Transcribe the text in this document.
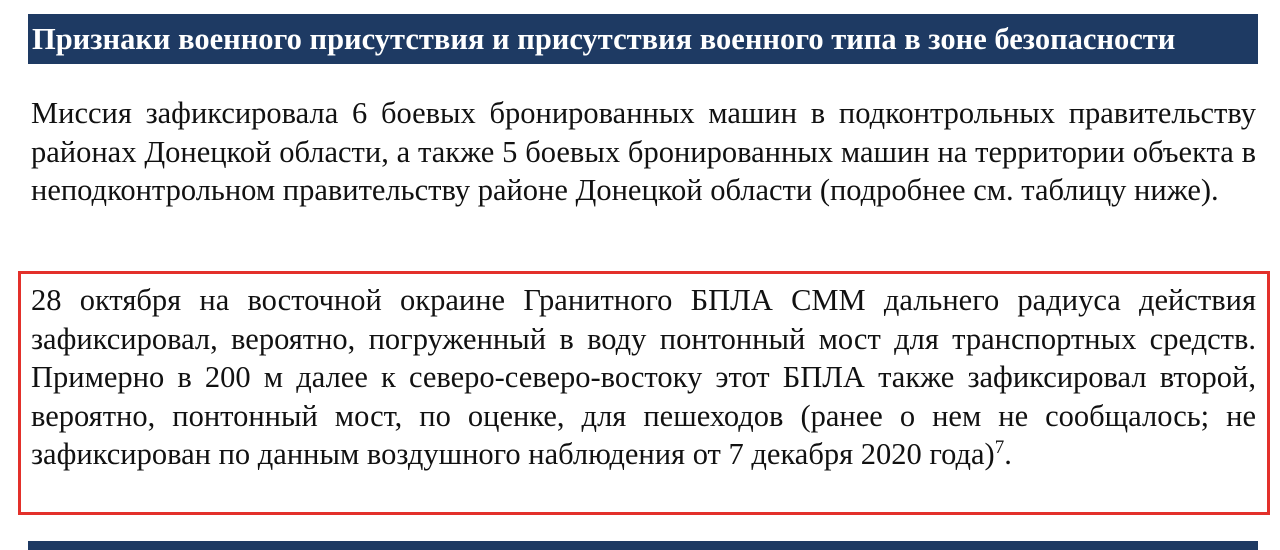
Признаки военного присутствия и присутствия военного типа в зоне безопасности

Миссия зафиксировала 6 боевых бронированных машин в подконтрольных правительству районах Донецкой области, а также 5 боевых бронированных машин на территории объекта в неподконтрольном правительству районе Донецкой области (подробнее см. таблицу ниже).

28 октября на восточной окраине Гранитного БПЛА СММ дальнего радиуса действия зафиксировал, вероятно, погруженный в воду понтонный мост для транспортных средств. Примерно в 200 м далее к северо-северо-востоку этот БПЛА также зафиксировал второй, вероятно, понтонный мост, по оценке, для пешеходов (ранее о нем не сообщалось; не зафиксирован по данным воздушного наблюдения от 7 декабря 2020 года)$^7$.
